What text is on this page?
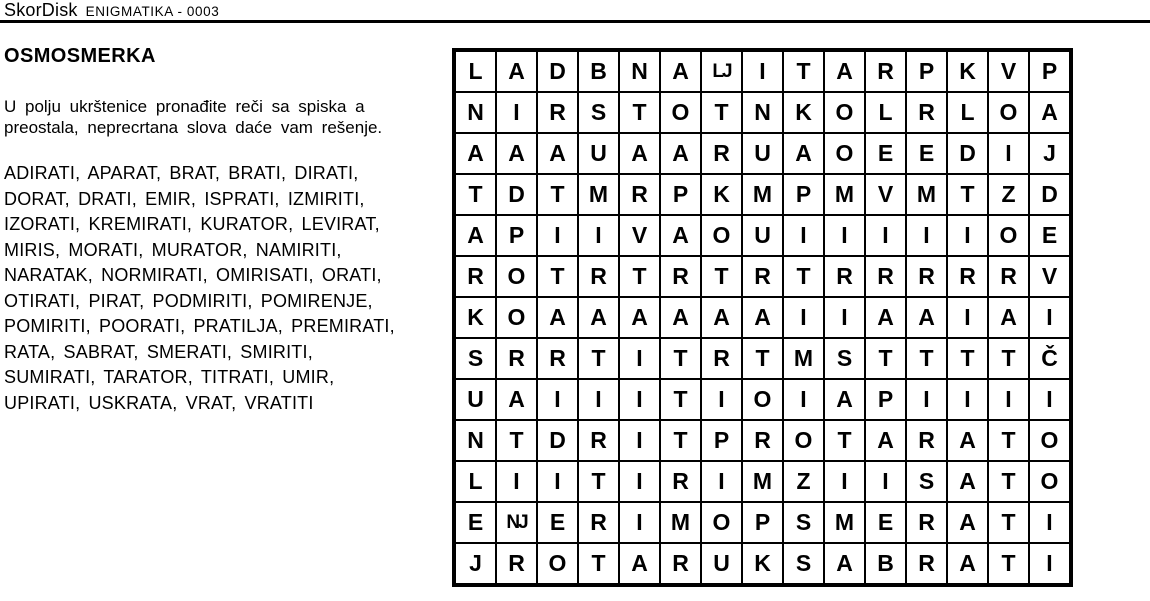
SkorDisk ENIGMATIKA - 0003
OSMOSMERKA
U polju ukrštenice pronađite reči sa spiska a
preostala, neprecrtana slova daće vam rešenje.
ADIRATI, APARAT, BRAT, BRATI, DIRATI,
DORAT, DRATI, EMIR, ISPRATI, IZMIRITI,
IZORATI, KREMIRATI, KURATOR, LEVIRAT,
MIRIS, MORATI, MURATOR, NAMIRITI,
NARATAK, NORMIRATI, OMIRISATI, ORATI,
OTIRATI, PIRAT, PODMIRITI, POMIRENJE,
POMIRITI, POORATI, PRATILJA, PREMIRATI,
RATA, SABRAT, SMERATI, SMIRITI,
SUMIRATI, TARATOR, TITRATI, UMIR,
UPIRATI, USKRATA, VRAT, VRATITI
L	A	D	B	N	A	LJ	I	T	A	R	P	K	V	P
N	I	R	S	T	O	T	N	K	O	L	R	L	O	A
A	A	A	U	A	A	R	U	A	O	E	E	D	I	J
T	D	T	M	R	P	K	M	P	M	V	M	T	Z	D
A	P	I	I	V	A	O	U	I	I	I	I	I	O	E
R	O	T	R	T	R	T	R	T	R	R	R	R	R	V
K	O	A	A	A	A	A	A	I	I	A	A	I	A	I
S	R	R	T	I	T	R	T	M	S	T	T	T	T	Č
U	A	I	I	I	T	I	O	I	A	P	I	I	I	I
N	T	D	R	I	T	P	R	O	T	A	R	A	T	O
L	I	I	T	I	R	I	M	Z	I	I	S	A	T	O
E	NJ	E	R	I	M	O	P	S	M	E	R	A	T	I
J	R	O	T	A	R	U	K	S	A	B	R	A	T	I
